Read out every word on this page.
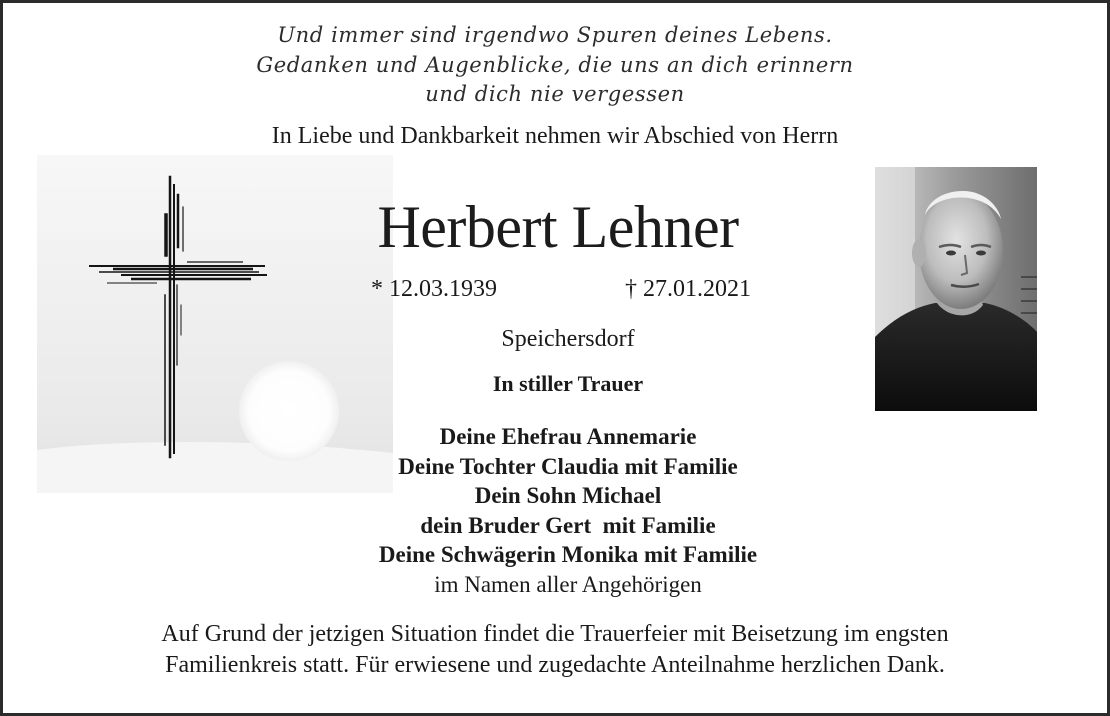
Und immer sind irgendwo Spuren deines Lebens.
Gedanken und Augenblicke, die uns an dich erinnern
und dich nie vergessen
In Liebe und Dankbarkeit nehmen wir Abschied von Herrn
Herbert Lehner
* 12.03.1939	† 27.01.2021
Speichersdorf
In stiller Trauer
Deine Ehefrau Annemarie
Deine Tochter Claudia mit Familie
Dein Sohn Michael
dein Bruder Gert  mit Familie
Deine Schwägerin Monika mit Familie
im Namen aller Angehörigen
Auf Grund der jetzigen Situation findet die Trauerfeier mit Beisetzung im engsten
Familienkreis statt. Für erwiesene und zugedachte Anteilnahme herzlichen Dank.
